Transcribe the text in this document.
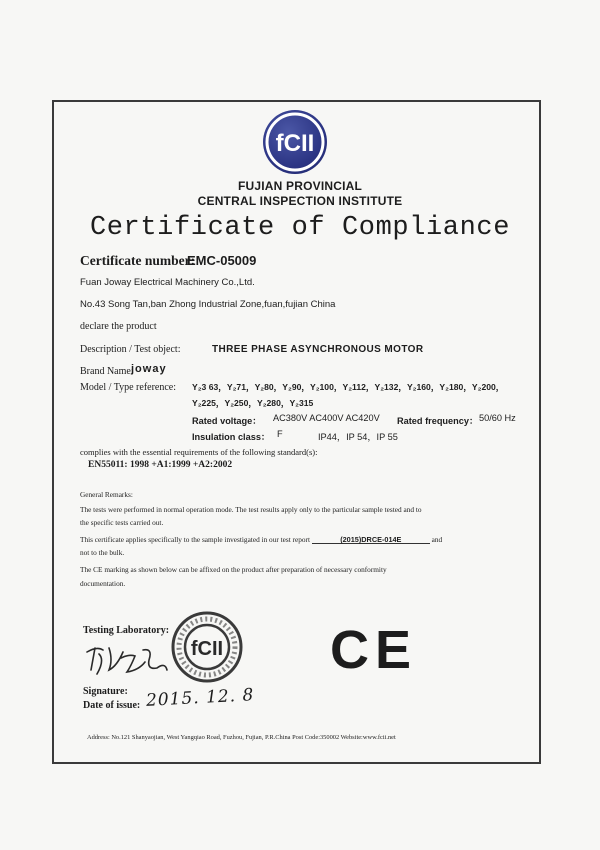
fCII
FUJIAN PROVINCIAL
CENTRAL INSPECTION INSTITUTE
Certificate of Compliance
Certificate number:
EMC-05009
Fuan Joway Electrical Machinery Co.,Ltd.
No.43 Song Tan,ban Zhong Industrial Zone,fuan,fujian China
declare the product
Description / Test object:	THREE PHASE ASYNCHRONOUS MOTOR
Brand Name:
joway
Model / Type reference: Y₂3 63，Y₂71，Y₂80，Y₂90，Y₂100，Y₂112，Y₂132，Y₂160，Y₂180，Y₂200，
Y₂225，Y₂250，Y₂280，Y₂315
Rated voltage： AC380V AC400V AC420V Rated frequency： 50/60 Hz
Insulation class： F	IP44，IP 54，IP 55
complies with the essential requirements of the following standard(s):
EN55011: 1998 +A1:1999 +A2:2002
General Remarks:
The tests were performed in normal operation mode. The test results apply only to the particular sample tested and to
the specific tests carried out.
This certificate applies specifically to the sample investigated in our test report	(2015)DRCE-014E	and
not to the bulk.
The CE marking as shown below can be affixed on the product after preparation of necessary conformity
documentation.
Testing Laboratory:
fCII
Signature:
Date of issue: 2015. 12. 8
CE
Address: No.121 Shanyaojian, West Yangqiao Road, Fuzhou, Fujian, P.R.China Post Code:350002 Website:www.fcii.net
